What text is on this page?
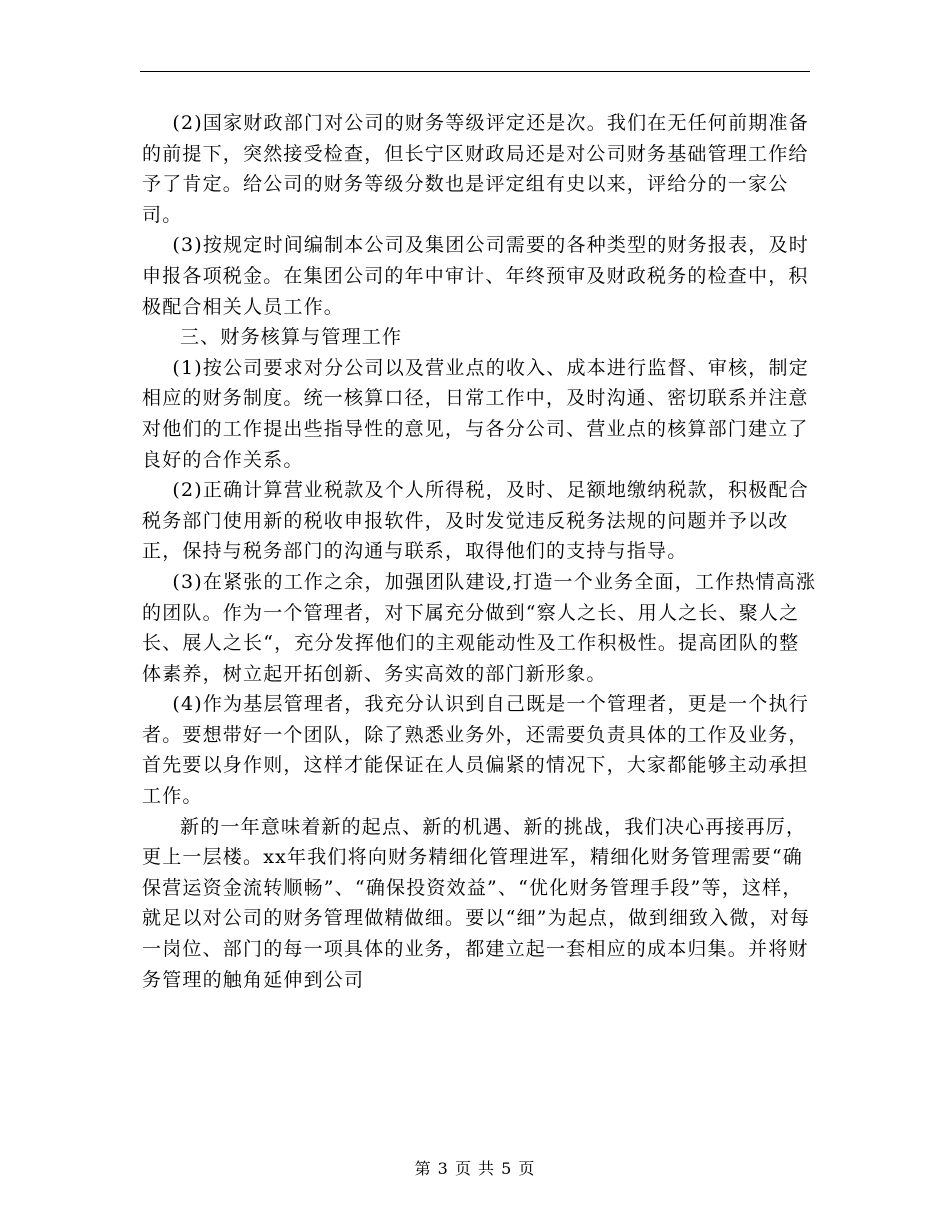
(2)国家财政部门对公司的财务等级评定还是次。我们在无任何前期准备的前提下，突然接受检查，但长宁区财政局还是对公司财务基础管理工作给予了肯定。给公司的财务等级分数也是评定组有史以来，评给分的一家公司。

(3)按规定时间编制本公司及集团公司需要的各种类型的财务报表，及时申报各项税金。在集团公司的年中审计、年终预审及财政税务的检查中，积极配合相关人员工作。

三、财务核算与管理工作

(1)按公司要求对分公司以及营业点的收入、成本进行监督、审核，制定相应的财务制度。统一核算口径，日常工作中，及时沟通、密切联系并注意对他们的工作提出些指导性的意见，与各分公司、营业点的核算部门建立了良好的合作关系。

(2)正确计算营业税款及个人所得税，及时、足额地缴纳税款，积极配合税务部门使用新的税收申报软件，及时发觉违反税务法规的问题并予以改正，保持与税务部门的沟通与联系，取得他们的支持与指导。

(3)在紧张的工作之余，加强团队建设,打造一个业务全面，工作热情高涨的团队。作为一个管理者，对下属充分做到“察人之长、用人之长、聚人之长、展人之长“，充分发挥他们的主观能动性及工作积极性。提高团队的整体素养，树立起开拓创新、务实高效的部门新形象。

(4)作为基层管理者，我充分认识到自己既是一个管理者，更是一个执行者。要想带好一个团队，除了熟悉业务外，还需要负责具体的工作及业务，首先要以身作则，这样才能保证在人员偏紧的情况下，大家都能够主动承担工作。

新的一年意味着新的起点、新的机遇、新的挑战，我们决心再接再厉，更上一层楼。xx年我们将向财务精细化管理进军，精细化财务管理需要“确保营运资金流转顺畅”、“确保投资效益”、“优化财务管理手段”等，这样，就足以对公司的财务管理做精做细。要以“细”为起点，做到细致入微，对每一岗位、部门的每一项具体的业务，都建立起一套相应的成本归集。并将财务管理的触角延伸到公司

第 3 页 共 5 页
